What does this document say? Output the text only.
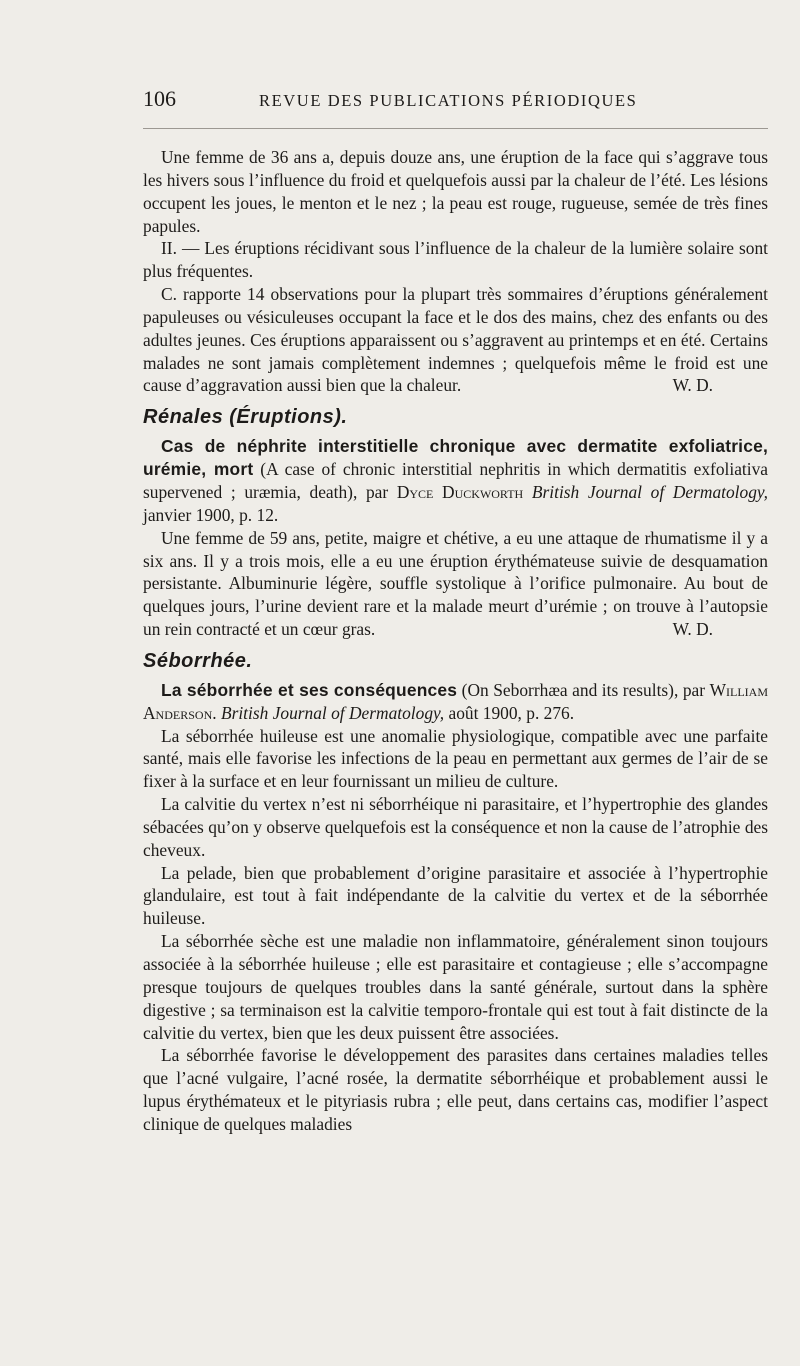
106	REVUE DES PUBLICATIONS PÉRIODIQUES

Une femme de 36 ans a, depuis douze ans, une éruption de la face qui s’aggrave tous les hivers sous l’influence du froid et quelquefois aussi par la chaleur de l’été. Les lésions occupent les joues, le menton et le nez ; la peau est rouge, rugueuse, semée de très fines papules.

II. — Les éruptions récidivant sous l’influence de la chaleur de la lumière solaire sont plus fréquentes.

C. rapporte 14 observations pour la plupart très sommaires d’éruptions généralement papuleuses ou vésiculeuses occupant la face et le dos des mains, chez des enfants ou des adultes jeunes. Ces éruptions apparaissent ou s’aggravent au printemps et en été. Certains malades ne sont jamais complètement indemnes ; quelquefois même le froid est une cause d’aggravation aussi bien que la chaleur.	W. D.

Rénales (Éruptions).

Cas de néphrite interstitielle chronique avec dermatite exfoliatrice, urémie, mort (A case of chronic interstitial nephritis in which dermatitis exfoliativa supervened ; uræmia, death), par Dyce Duckworth British Journal of Dermatology, janvier 1900, p. 12.

Une femme de 59 ans, petite, maigre et chétive, a eu une attaque de rhumatisme il y a six ans. Il y a trois mois, elle a eu une éruption érythémateuse suivie de desquamation persistante. Albuminurie légère, souffle systolique à l’orifice pulmonaire. Au bout de quelques jours, l’urine devient rare et la malade meurt d’urémie ; on trouve à l’autopsie un rein contracté et un cœur gras.	W. D.

Séborrhée.

La séborrhée et ses conséquences (On Seborrhæa and its results), par William Anderson. British Journal of Dermatology, août 1900, p. 276.

La séborrhée huileuse est une anomalie physiologique, compatible avec une parfaite santé, mais elle favorise les infections de la peau en permettant aux germes de l’air de se fixer à la surface et en leur fournissant un milieu de culture.

La calvitie du vertex n’est ni séborrhéique ni parasitaire, et l’hypertrophie des glandes sébacées qu’on y observe quelquefois est la conséquence et non la cause de l’atrophie des cheveux.

La pelade, bien que probablement d’origine parasitaire et associée à l’hypertrophie glandulaire, est tout à fait indépendante de la calvitie du vertex et de la séborrhée huileuse.

La séborrhée sèche est une maladie non inflammatoire, généralement sinon toujours associée à la séborrhée huileuse ; elle est parasitaire et contagieuse ; elle s’accompagne presque toujours de quelques troubles dans la santé générale, surtout dans la sphère digestive ; sa terminaison est la calvitie temporo-frontale qui est tout à fait distincte de la calvitie du vertex, bien que les deux puissent être associées.

La séborrhée favorise le développement des parasites dans certaines maladies telles que l’acné vulgaire, l’acné rosée, la dermatite séborrhéique et probablement aussi le lupus érythémateux et le pityriasis rubra ; elle peut, dans certains cas, modifier l’aspect clinique de quelques maladies
